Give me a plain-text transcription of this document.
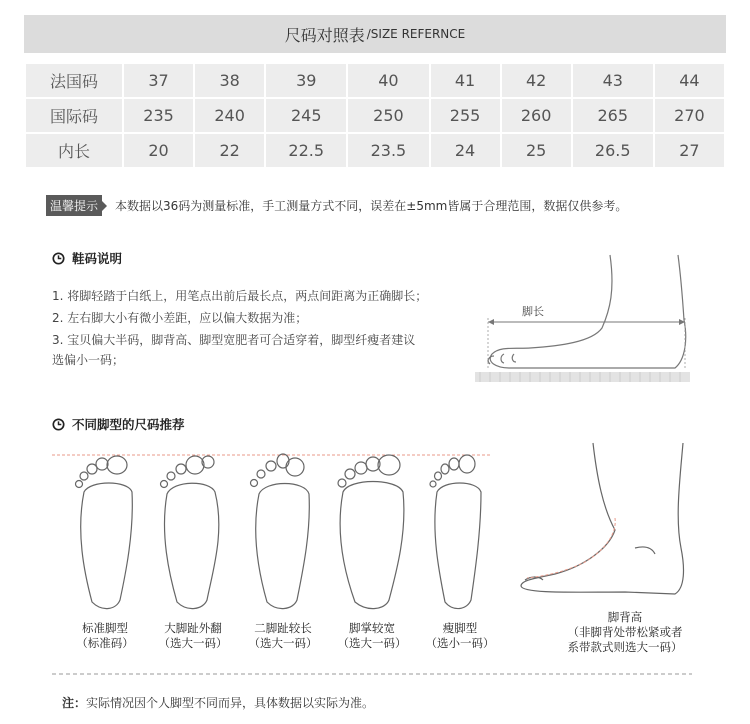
尺码对照表 /SIZE REFERNCE
法国码	37	38	39	40	41	42	43	44
国际码	235	240	245	250	255	260	265	270
内长	20	22	22.5	23.5	24	25	26.5	27
温馨提示	本数据以36码为测量标准，手工测量方式不同，误差在±5mm皆属于合理范围，数据仅供参考。
鞋码说明
1. 将脚轻踏于白纸上，用笔点出前后最长点，两点间距离为正确脚长；
2. 左右脚大小有微小差距，应以偏大数据为准；
3. 宝贝偏大半码，脚背高、脚型宽肥者可合适穿着，脚型纤瘦者建议
选偏小一码；
脚长
不同脚型的尺码推荐
标准脚型
（标准码）
大脚趾外翻
（选大一码）
二脚趾较长
（选大一码）
脚掌较宽
（选大一码）
瘦脚型
（选小一码）
脚背高
（非脚背处带松紧或者
系带款式则选大一码）
注：实际情况因个人脚型不同而异，具体数据以实际为准。
